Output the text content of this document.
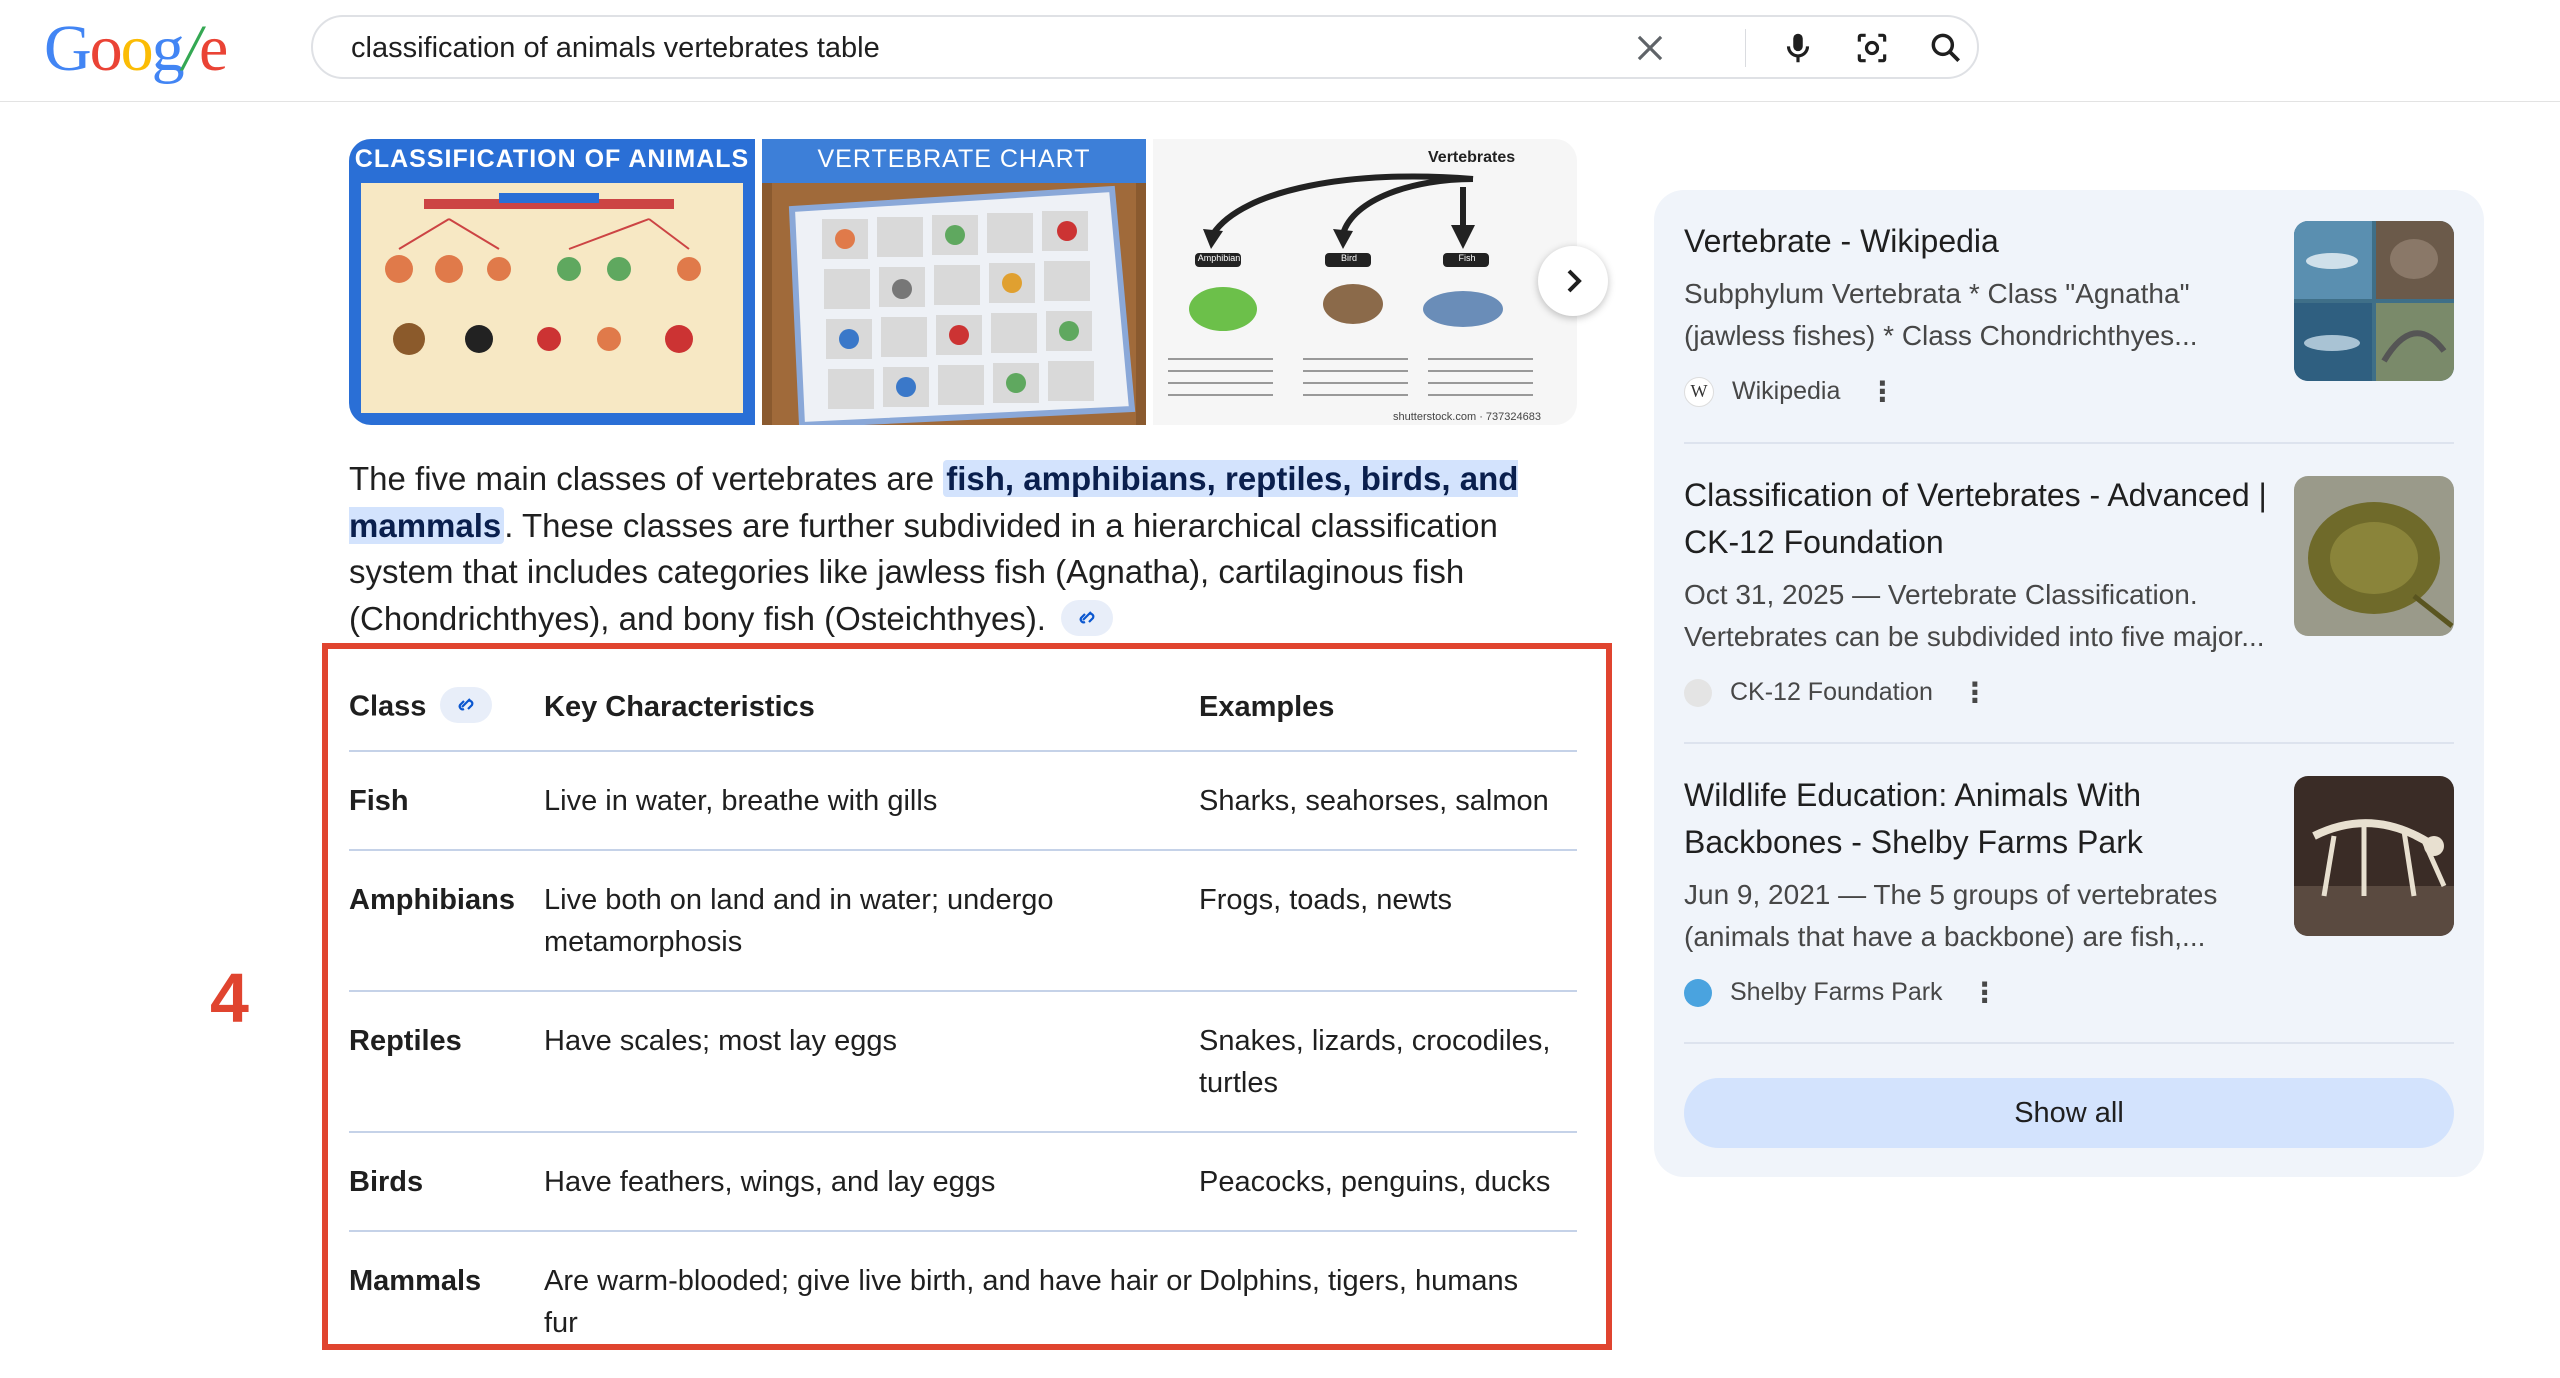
Goog/e	classification of animals vertebrates table
CLASSIFICATION OF ANIMALS	VERTEBRATE CHART	Vertebrates
Amphibian	Bird	Fish
shutterstock.com · 737324683
The five main classes of vertebrates are fish, amphibians, reptiles, birds, and mammals. These classes are further subdivided in a hierarchical classification system that includes categories like jawless fish (Agnatha), cartilaginous fish (Chondrichthyes), and bony fish (Osteichthyes).
4
Class	Key Characteristics	Examples
Fish	Live in water, breathe with gills	Sharks, seahorses, salmon
Amphibians	Live both on land and in water; undergo metamorphosis	Frogs, toads, newts
Reptiles	Have scales; most lay eggs	Snakes, lizards, crocodiles, turtles
Birds	Have feathers, wings, and lay eggs	Peacocks, penguins, ducks
Mammals	Are warm-blooded; give live birth, and have hair or fur	Dolphins, tigers, humans
Vertebrate - Wikipedia
Subphylum Vertebrata * Class "Agnatha" (jawless fishes) * Class Chondrichthyes...
W Wikipedia ⋮
Classification of Vertebrates - Advanced | CK-12 Foundation
Oct 31, 2025 — Vertebrate Classification. Vertebrates can be subdivided into five major...
CK-12 Foundation ⋮
Wildlife Education: Animals With Backbones - Shelby Farms Park
Jun 9, 2021 — The 5 groups of vertebrates (animals that have a backbone) are fish,...
Shelby Farms Park ⋮
Show all
